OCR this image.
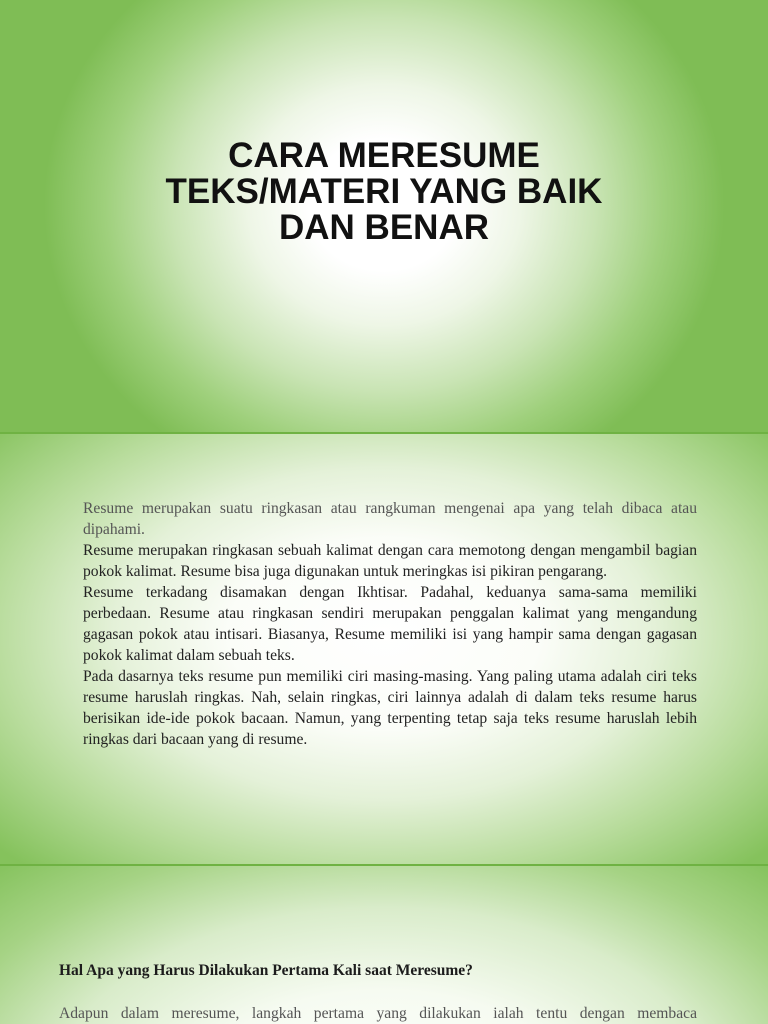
CARA MERESUME
TEKS/MATERI YANG BAIK
DAN BENAR

Resume merupakan suatu ringkasan atau rangkuman mengenai apa yang telah dibaca atau dipahami.

Resume merupakan ringkasan sebuah kalimat dengan cara memotong dengan mengambil bagian pokok kalimat. Resume bisa juga digunakan untuk meringkas isi pikiran pengarang.

Resume terkadang disamakan dengan Ikhtisar. Padahal, keduanya sama-sama memiliki perbedaan. Resume atau ringkasan sendiri merupakan penggalan kalimat yang mengandung gagasan pokok atau intisari. Biasanya, Resume memiliki isi yang hampir sama dengan gagasan pokok kalimat dalam sebuah teks.

Pada dasarnya teks resume pun memiliki ciri masing-masing. Yang paling utama adalah ciri teks resume haruslah ringkas. Nah, selain ringkas, ciri lainnya adalah di dalam teks resume harus berisikan ide-ide pokok bacaan. Namun, yang terpenting tetap saja teks resume haruslah lebih ringkas dari bacaan yang di resume.

Hal Apa yang Harus Dilakukan Pertama Kali saat Meresume?

Adapun dalam meresume, langkah pertama yang dilakukan ialah tentu dengan membaca
